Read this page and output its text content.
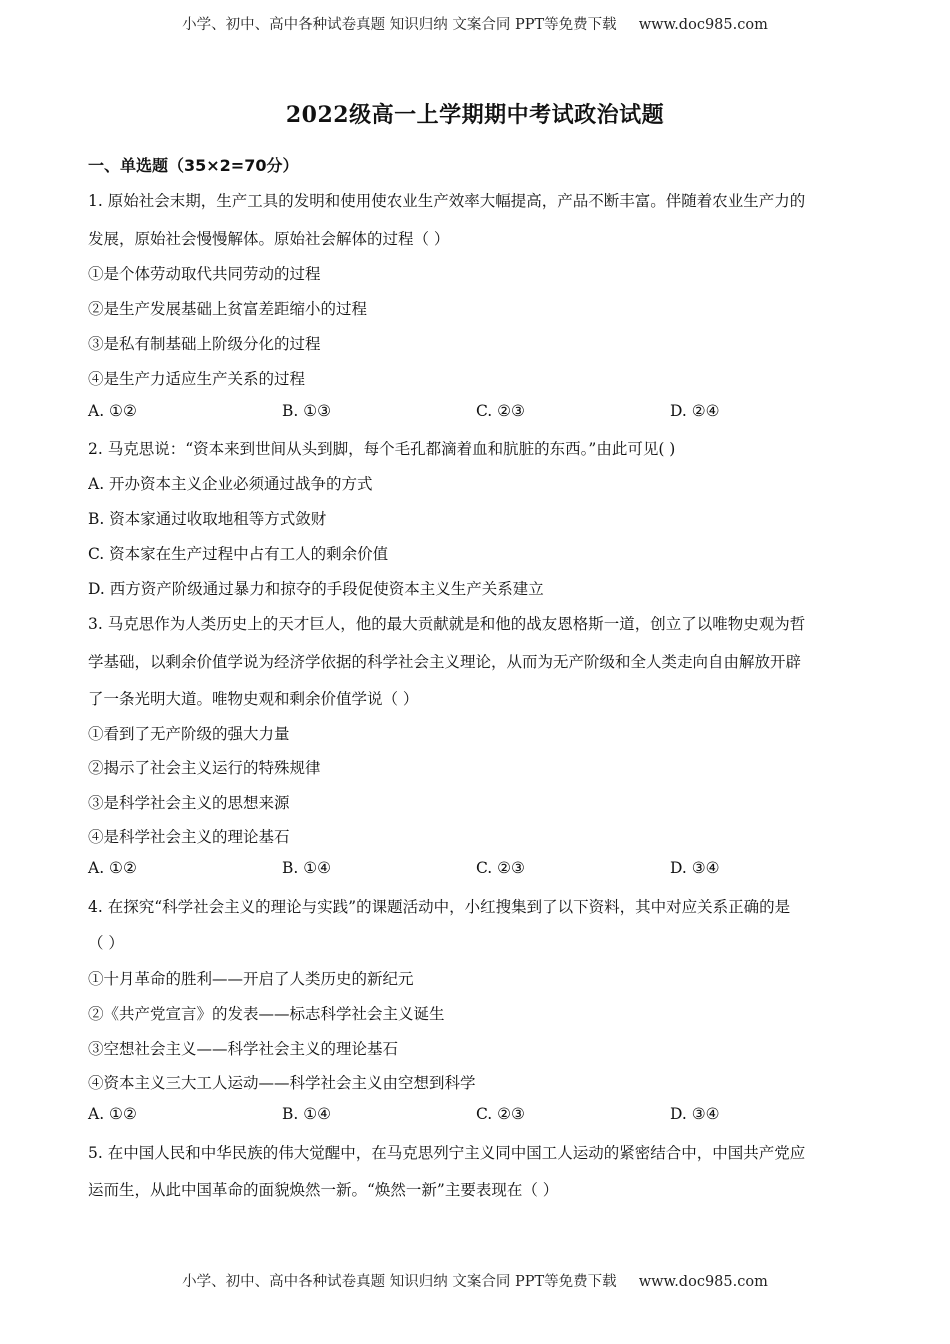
小学、初中、高中各种试卷真题 知识归纳 文案合同 PPT等免费下载 www.doc985.com
2022级高一上学期期中考试政治试题
一、单选题（35×2=70分）
1. 原始社会末期，生产工具的发明和使用使农业生产效率大幅提高，产品不断丰富。伴随着农业生产力的
发展，原始社会慢慢解体。原始社会解体的过程（ ）
①是个体劳动取代共同劳动的过程
②是生产发展基础上贫富差距缩小的过程
③是私有制基础上阶级分化的过程
④是生产力适应生产关系的过程
A. ①②	B. ①③	C. ②③	D. ②④
2. 马克思说：“资本来到世间从头到脚，每个毛孔都滴着血和肮脏的东西。”由此可见( )
A. 开办资本主义企业必须通过战争的方式
B. 资本家通过收取地租等方式敛财
C. 资本家在生产过程中占有工人的剩余价值
D. 西方资产阶级通过暴力和掠夺的手段促使资本主义生产关系建立
3. 马克思作为人类历史上的天才巨人，他的最大贡献就是和他的战友恩格斯一道，创立了以唯物史观为哲
学基础，以剩余价值学说为经济学依据的科学社会主义理论，从而为无产阶级和全人类走向自由解放开辟
了一条光明大道。唯物史观和剩余价值学说（ ）
①看到了无产阶级的强大力量
②揭示了社会主义运行的特殊规律
③是科学社会主义的思想来源
④是科学社会主义的理论基石
A. ①②	B. ①④	C. ②③	D. ③④
4. 在探究“科学社会主义的理论与实践”的课题活动中，小红搜集到了以下资料，其中对应关系正确的是
（ ）
①十月革命的胜利——开启了人类历史的新纪元
②《共产党宣言》的发表——标志科学社会主义诞生
③空想社会主义——科学社会主义的理论基石
④资本主义三大工人运动——科学社会主义由空想到科学
A. ①②	B. ①④	C. ②③	D. ③④
5. 在中国人民和中华民族的伟大觉醒中，在马克思列宁主义同中国工人运动的紧密结合中，中国共产党应
运而生，从此中国革命的面貌焕然一新。“焕然一新”主要表现在（ ）
小学、初中、高中各种试卷真题 知识归纳 文案合同 PPT等免费下载 www.doc985.com
